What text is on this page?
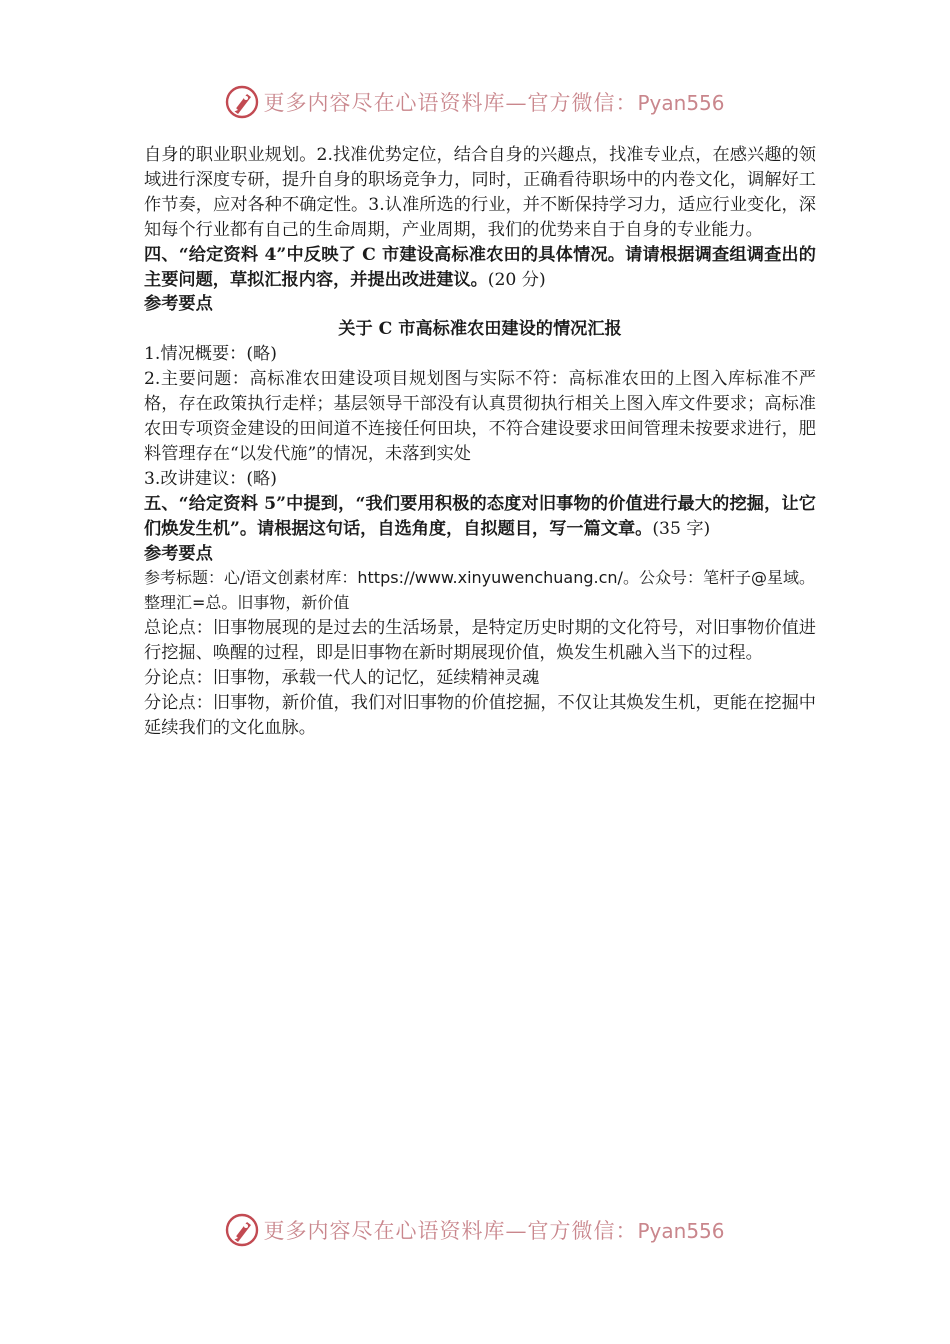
更多内容尽在心语资料库—官方微信：Pyan556

自身的职业职业规划。2.找准优势定位，结合自身的兴趣点，找准专业点，在感兴趣的领域进行深度专研，提升自身的职场竞争力，同时，正确看待职场中的内卷文化，调解好工作节奏，应对各种不确定性。3.认准所选的行业，并不断保持学习力，适应行业变化，深知每个行业都有自己的生命周期，产业周期，我们的优势来自于自身的专业能力。

四、“给定资料 4”中反映了 C 市建设高标准农田的具体情况。请请根据调查组调查出的主要问题，草拟汇报内容，并提出改进建议。(20 分)

参考要点

关于 C 市高标准农田建设的情况汇报

1.情况概要：(略)

2.主要问题：高标准农田建设项目规划图与实际不符：高标准农田的上图入库标准不严格，存在政策执行走样；基层领导干部没有认真贯彻执行相关上图入库文件要求；高标准农田专项资金建设的田间道不连接任何田块，不符合建设要求田间管理未按要求进行，肥料管理存在“以发代施”的情况，未落到实处

3.改讲建议：(略)

五、“给定资料 5”中提到，“我们要用积极的态度对旧事物的价值进行最大的挖掘，让它们焕发生机”。请根据这句话，自选角度，自拟题目，写一篇文章。(35 字)

参考要点

参考标题：心/语文创素材库：https://www.xinyuwenchuang.cn/。公众号：笔杆子@星域。整理汇=总。旧事物，新价值

总论点：旧事物展现的是过去的生活场景，是特定历史时期的文化符号，对旧事物价值进行挖掘、唤醒的过程，即是旧事物在新时期展现价值，焕发生机融入当下的过程。

分论点：旧事物，承载一代人的记忆，延续精神灵魂

分论点：旧事物，新价值，我们对旧事物的价值挖掘，不仅让其焕发生机，更能在挖掘中延续我们的文化血脉。

更多内容尽在心语资料库—官方微信：Pyan556
